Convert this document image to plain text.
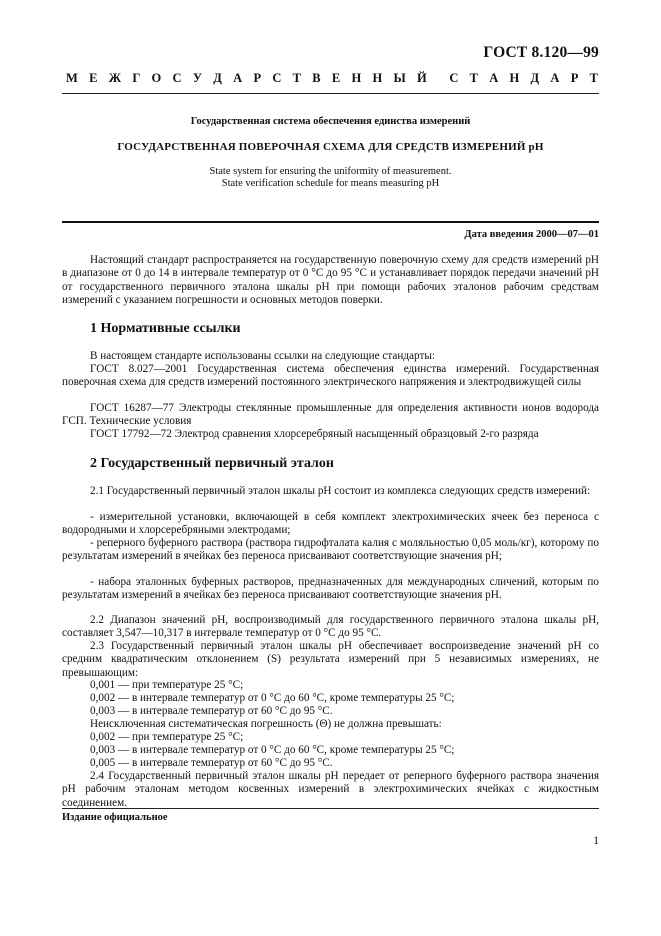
ГОСТ 8.120—99
М Е Ж Г О С У Д А Р С Т В Е Н Н Ы Й С Т А Н Д А Р Т
Государственная система обеспечения единства измерений
ГОСУДАРСТВЕННАЯ ПОВЕРОЧНАЯ СХЕМА ДЛЯ СРЕДСТВ ИЗМЕРЕНИЙ pH
State system for ensuring the uniformity of measurement.
State verification schedule for means measuring pH
Дата введения 2000—07—01
Настоящий стандарт распространяется на государственную поверочную схему для средств измерений pH в диапазоне от 0 до 14 в интервале температур от 0 °С до 95 °С и устанавливает порядок передачи значений pH от государственного первичного эталона шкалы pH при помощи рабочих эталонов рабочим средствам измерений с указанием погрешности и основных методов поверки.
1 Нормативные ссылки
В настоящем стандарте использованы ссылки на следующие стандарты:
ГОСТ 8.027—2001 Государственная система обеспечения единства измерений. Государственная поверочная схема для средств измерений постоянного электрического напряжения и электродвижущей силы
ГОСТ 16287—77 Электроды стеклянные промышленные для определения активности ионов водорода ГСП. Технические условия
ГОСТ 17792—72 Электрод сравнения хлорсеребряный насыщенный образцовый 2-го разряда
2 Государственный первичный эталон
2.1 Государственный первичный эталон шкалы pH состоит из комплекса следующих средств измерений:
- измерительной установки, включающей в себя комплект электрохимических ячеек без переноса с водородными и хлорсеребряными электродами;
- реперного буферного раствора (раствора гидрофталата калия с моляльностью 0,05 моль/кг), которому по результатам измерений в ячейках без переноса присваивают соответствующие значения pH;
- набора эталонных буферных растворов, предназначенных для международных сличений, которым по результатам измерений в ячейках без переноса присваивают соответствующие значения pH.
2.2 Диапазон значений pH, воспроизводимый для государственного первичного эталона шкалы pH, составляет 3,547—10,317 в интервале температур от 0 °С до 95 °С.
2.3 Государственный первичный эталон шкалы pH обеспечивает воспроизведение значений pH со средним квадратическим отклонением (S) результата измерений при 5 независимых измерениях, не превышающим:
0,001 — при температуре 25 °С;
0,002 — в интервале температур от 0 °С до 60 °С, кроме температуры 25 °С;
0,003 — в интервале температур от 60 °С до 95 °С.
Неисключенная систематическая погрешность (Θ) не должна превышать:
0,002 — при температуре 25 °С;
0,003 — в интервале температур от 0 °С до 60 °С, кроме температуры 25 °С;
0,005 — в интервале температур от 60 °С до 95 °С.
2.4 Государственный первичный эталон шкалы pH передает от реперного буферного раствора значения pH рабочим эталонам методом косвенных измерений в электрохимических ячейках с жидкостным соединением.
Издание официальное
1
